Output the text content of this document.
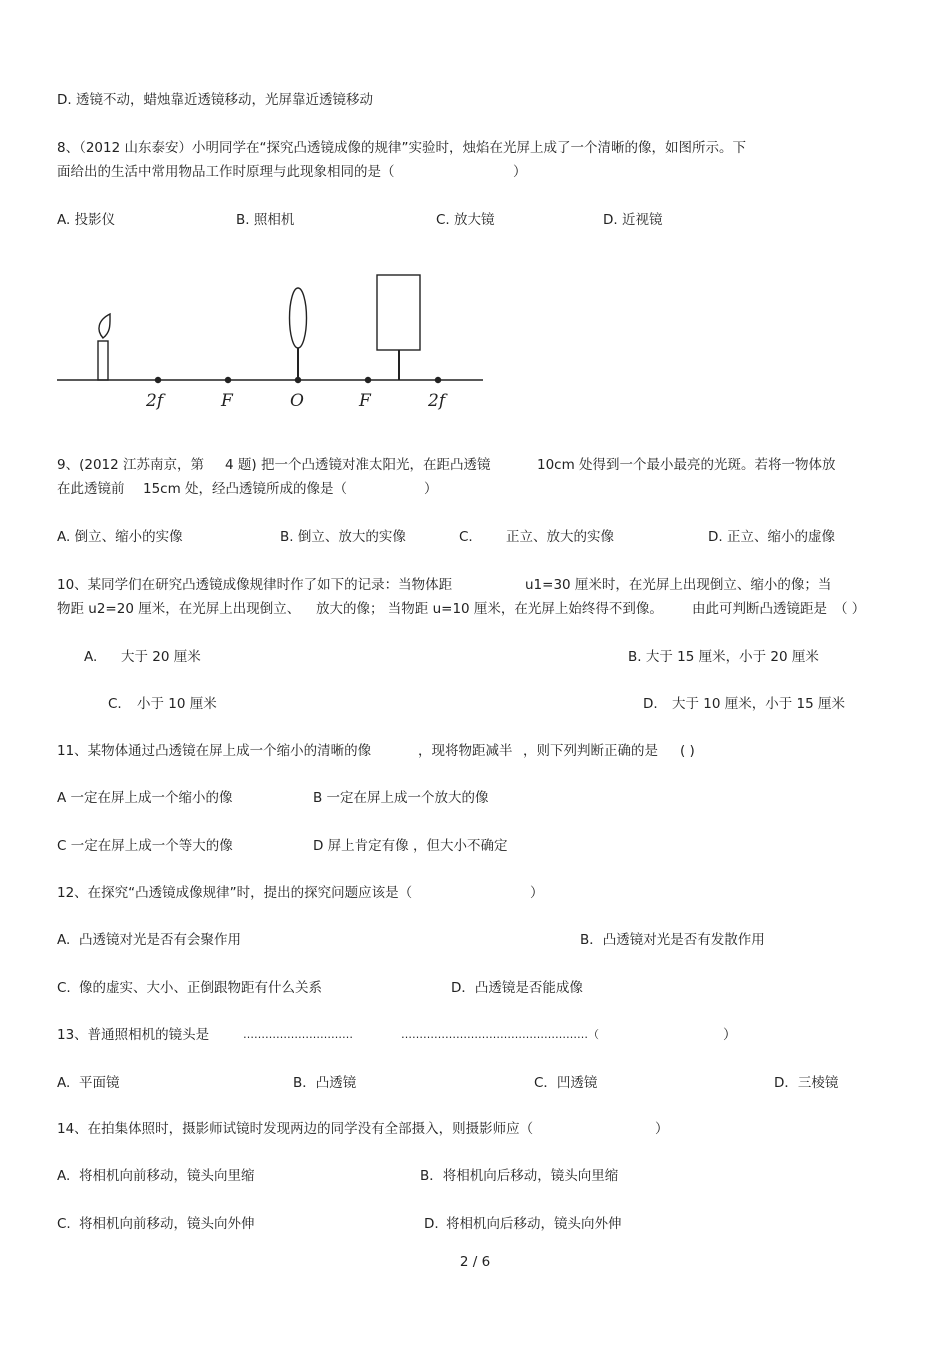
D. 透镜不动，蜡烛靠近透镜移动，光屏靠近透镜移动
8、（2012 山东泰安）小明同学在“探究凸透镜成像的规律”实验时，烛焰在光屏上成了一个清晰的像，如图所示。下
面给出的生活中常用物品工作时原理与此现象相同的是（	）
A. 投影仪	B. 照相机	C. 放大镜	D. 近视镜
2f	F	O	F	2f
9、(2012 江苏南京，第 4 题) 把一个凸透镜对准太阳光，在距凸透镜	10cm 处得到一个最小最亮的光斑。若将一物体放
在此透镜前 15cm 处，经凸透镜所成的像是（	）
A. 倒立、缩小的实像	B. 倒立、放大的实像	C. 正立、放大的实像	D. 正立、缩小的虚像
10、某同学们在研究凸透镜成像规律时作了如下的记录：当物体距	u1=30 厘米时，在光屏上出现倒立、缩小的像；当
物距 u2=20 厘米，在光屏上出现倒立、 放大的像； 当物距 u=10 厘米，在光屏上始终得不到像。 由此可判断凸透镜距是 （ ）
A. 大于 20 厘米	B. 大于 15 厘米，小于 20 厘米
C. 小于 10 厘米	D. 大于 10 厘米，小于 15 厘米
11、某物体通过凸透镜在屏上成一个缩小的清晰的像	，现将物距减半 ，则下列判断正确的是 ( )
A 一定在屏上成一个缩小的像	B 一定在屏上成一个放大的像
C 一定在屏上成一个等大的像	D 屏上肯定有像 ，但大小不确定
12、在探究“凸透镜成像规律”时，提出的探究问题应该是（	）
A. 凸透镜对光是否有会聚作用	B．凸透镜对光是否有发散作用
C. 像的虚实、大小、正倒跟物距有什么关系	D．凸透镜是否能成像
13、普通照相机的镜头是	…………………………	……………………………………………（	）
A. 平面镜	B．凸透镜	C．凹透镜	D．三棱镜
14、在拍集体照时，摄影师试镜时发现两边的同学没有全部摄入，则摄影师应（	）
A. 将相机向前移动，镜头向里缩	B．将相机向后移动，镜头向里缩
C. 将相机向前移动，镜头向外伸	D. 将相机向后移动，镜头向外伸
2 / 6
